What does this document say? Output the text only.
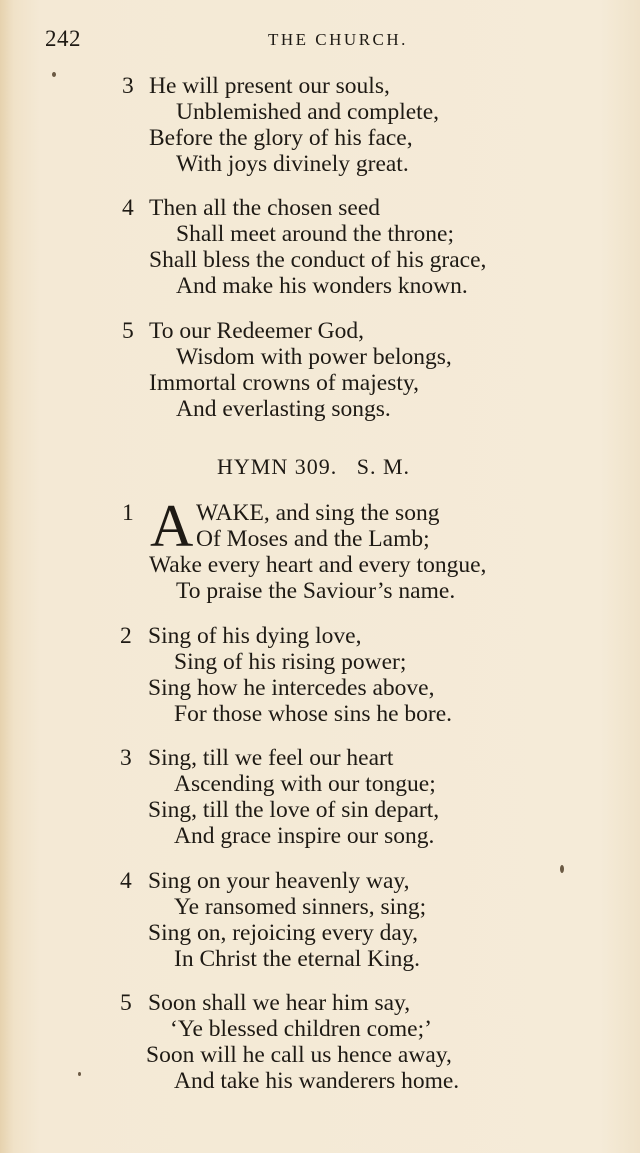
242	THE CHURCH.
3 He will present our souls,
Unblemished and complete,
Before the glory of his face,
With joys divinely great.
4 Then all the chosen seed
Shall meet around the throne;
Shall bless the conduct of his grace,
And make his wonders known.
5 To our Redeemer God,
Wisdom with power belongs,
Immortal crowns of majesty,
And everlasting songs.
HYMN 309.   S. M.
1 A WAKE, and sing the song
Of Moses and the Lamb;
Wake every heart and every tongue,
To praise the Saviour’s name.
2 Sing of his dying love,
Sing of his rising power;
Sing how he intercedes above,
For those whose sins he bore.
3 Sing, till we feel our heart
Ascending with our tongue;
Sing, till the love of sin depart,
And grace inspire our song.
4 Sing on your heavenly way,
Ye ransomed sinners, sing;
Sing on, rejoicing every day,
In Christ the eternal King.
5 Soon shall we hear him say,
‘Ye blessed children come;’
Soon will he call us hence away,
And take his wanderers home.
